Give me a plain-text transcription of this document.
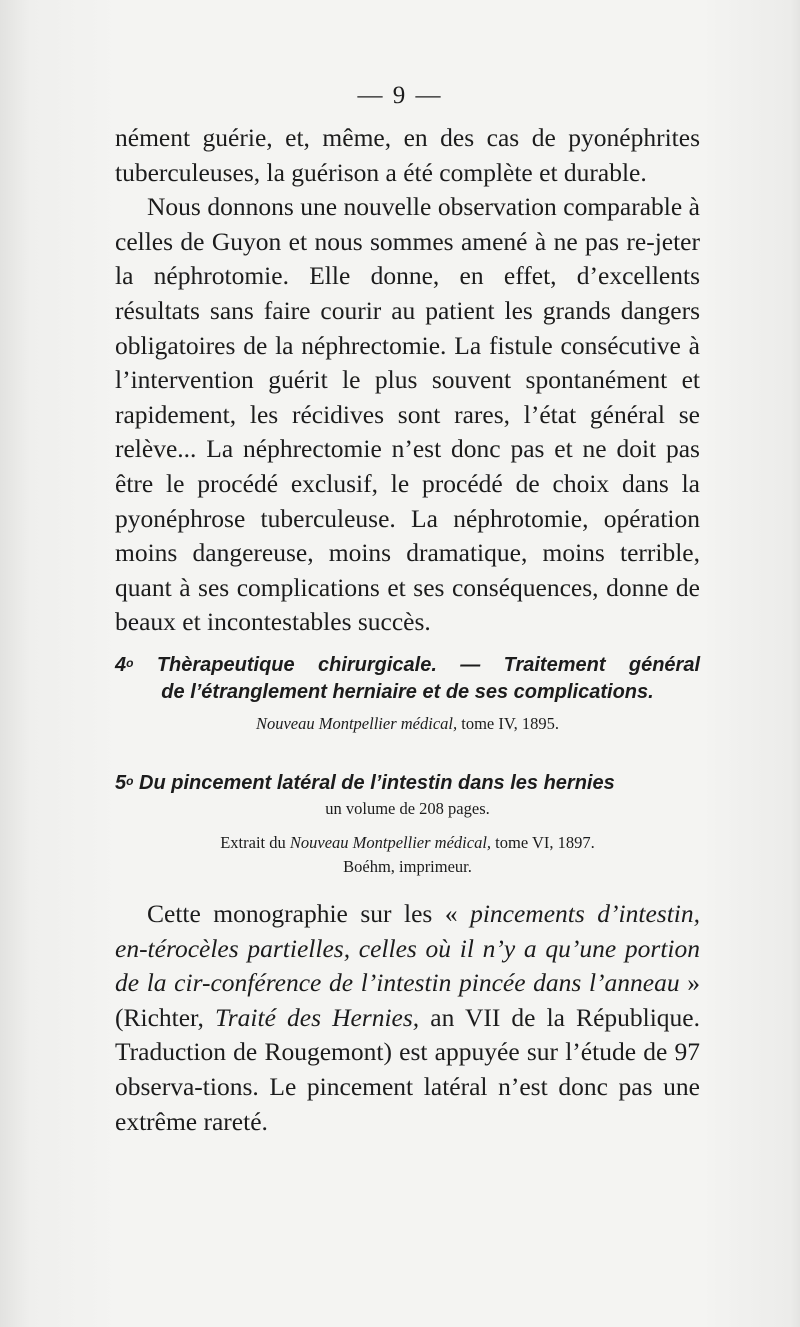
— 9 —

nément guérie, et, même, en des cas de pyonéphrites tuberculeuses, la guérison a été complète et durable.

Nous donnons une nouvelle observation comparable à celles de Guyon et nous sommes amené à ne pas re-jeter la néphrotomie. Elle donne, en effet, d’excellents résultats sans faire courir au patient les grands dangers obligatoires de la néphrectomie. La fistule consécutive à l’intervention guérit le plus souvent spontanément et rapidement, les récidives sont rares, l’état général se relève... La néphrectomie n’est donc pas et ne doit pas être le procédé exclusif, le procédé de choix dans la pyonéphrose tuberculeuse. La néphrotomie, opération moins dangereuse, moins dramatique, moins terrible, quant à ses complications et ses conséquences, donne de beaux et incontestables succès.

4$^o$ Thèrapeutique chirurgicale. — Traitement général

de l’étranglement herniaire et de ses complications.

Nouveau Montpellier médical, tome IV, 1895.

5$^o$ Du pincement latéral de l’intestin dans les hernies

un volume de 208 pages.

Extrait du Nouveau Montpellier médical, tome VI, 1897.

Boéhm, imprimeur.

Cette monographie sur les « pincements d’intestin, en-térocèles partielles, celles où il n’y a qu’une portion de la cir-conférence de l’intestin pincée dans l’anneau » (Richter, Traité des Hernies, an VII de la République. Traduction de Rougemont) est appuyée sur l’étude de 97 observa-tions. Le pincement latéral n’est donc pas une extrême rareté.
